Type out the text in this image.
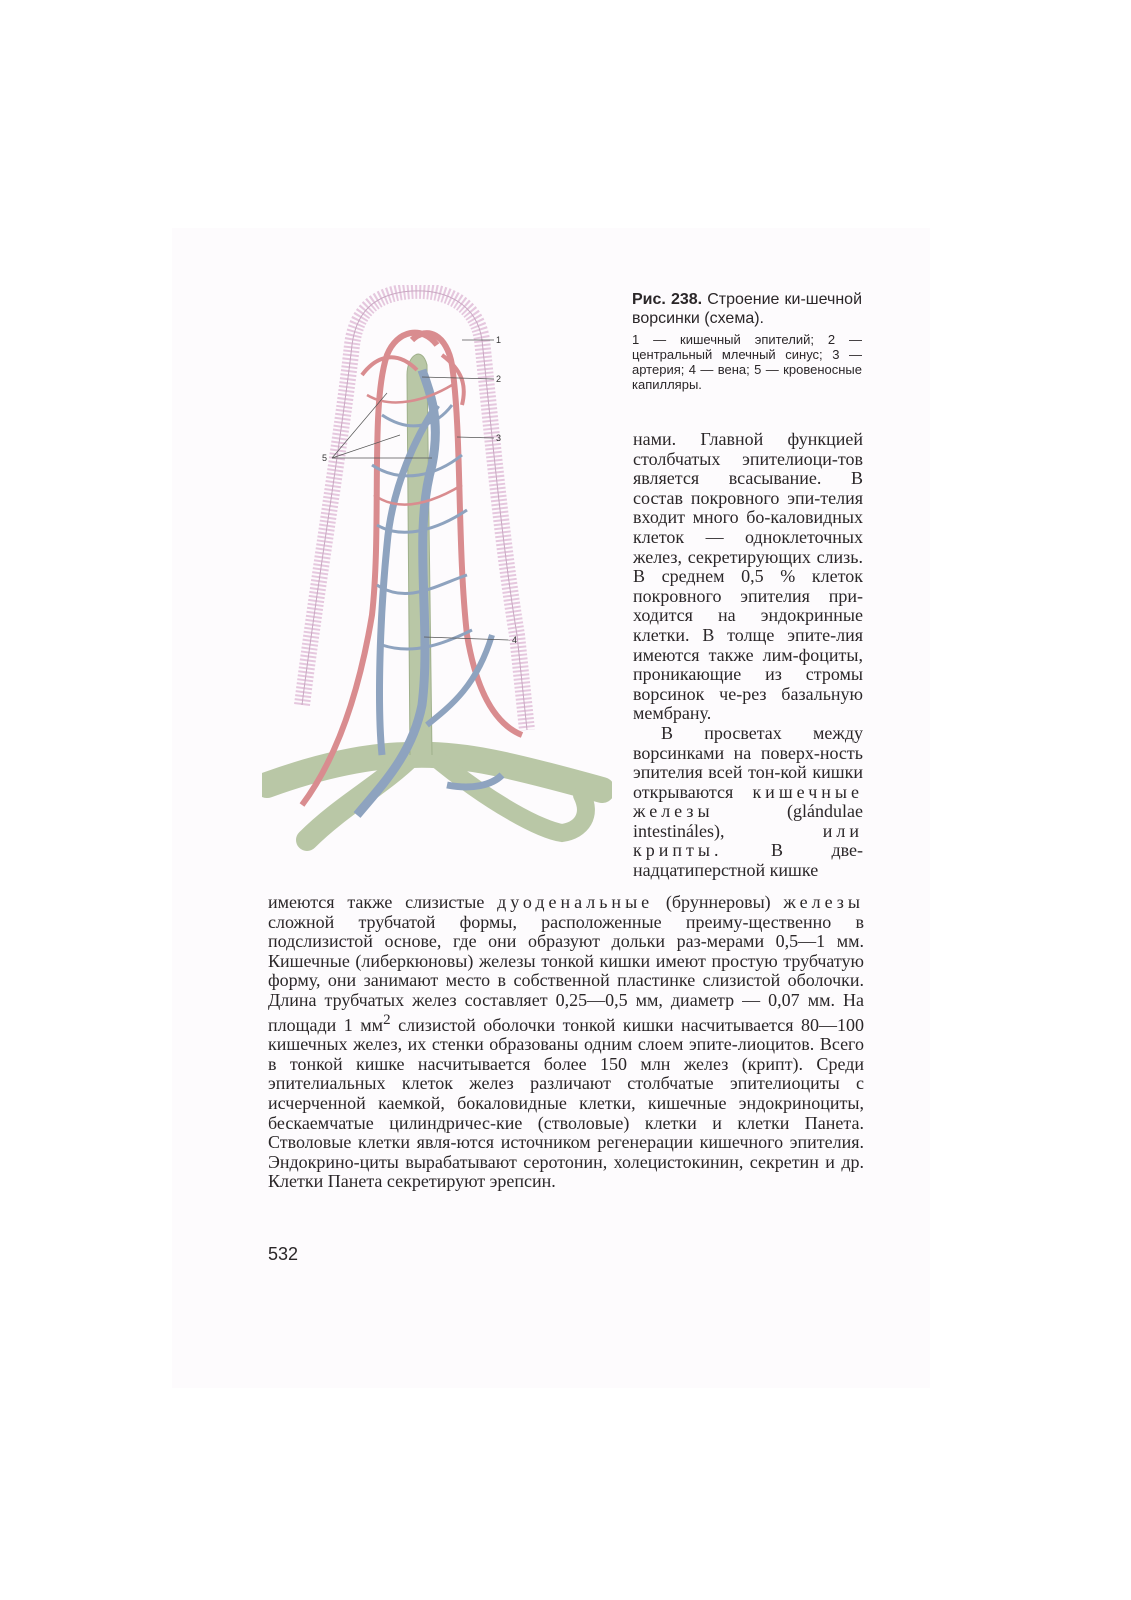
1
2
3
4
5

Рис. 238. Строение ки-шечной ворсинки (схема).

1 — кишечный эпителий; 2 — центральный млечный синус; 3 — артерия; 4 — вена; 5 — кровеносные капилляры.

нами. Главной функцией столбчатых эпителиоци-тов является всасывание. В состав покровного эпи-телия входит много бо-каловидных клеток — одноклеточных желез, секретирующих слизь. В среднем 0,5 % клеток покровного эпителия при-ходится на эндокринные клетки. В толще эпите-лия имеются также лим-фоциты, проникающие из стромы ворсинок че-рез базальную мембрану.

В просветах между ворсинками на поверх-ность эпителия всей тон-кой кишки открываются кишечные железы	(glándulae intestináles),	или крипты.	В две-надцатиперстной кишке

имеются также слизистые дуоденальные (бруннеровы) железы сложной трубчатой формы, расположенные преиму-щественно в подслизистой основе, где они образуют дольки раз-мерами 0,5—1 мм. Кишечные (либеркюновы) железы тонкой кишки имеют простую трубчатую форму, они занимают место в собственной пластинке слизистой оболочки. Длина трубчатых желез составляет 0,25—0,5 мм, диаметр — 0,07 мм. На площади 1 $мм^2$ слизистой оболочки тонкой кишки насчитывается 80—100 кишечных желез, их стенки образованы одним слоем эпите-лиоцитов. Всего в тонкой кишке насчитывается более 150 млн желез (крипт). Среди эпителиальных клеток желез различают столбчатые эпителиоциты с исчерченной каемкой, бокаловидные клетки, кишечные эндокриноциты, бескаемчатые цилиндричес-кие (стволовые) клетки и клетки Панета. Стволовые клетки явля-ются источником регенерации кишечного эпителия. Эндокрино-циты вырабатывают серотонин, холецистокинин, секретин и др. Клетки Панета секретируют эрепсин.

532
